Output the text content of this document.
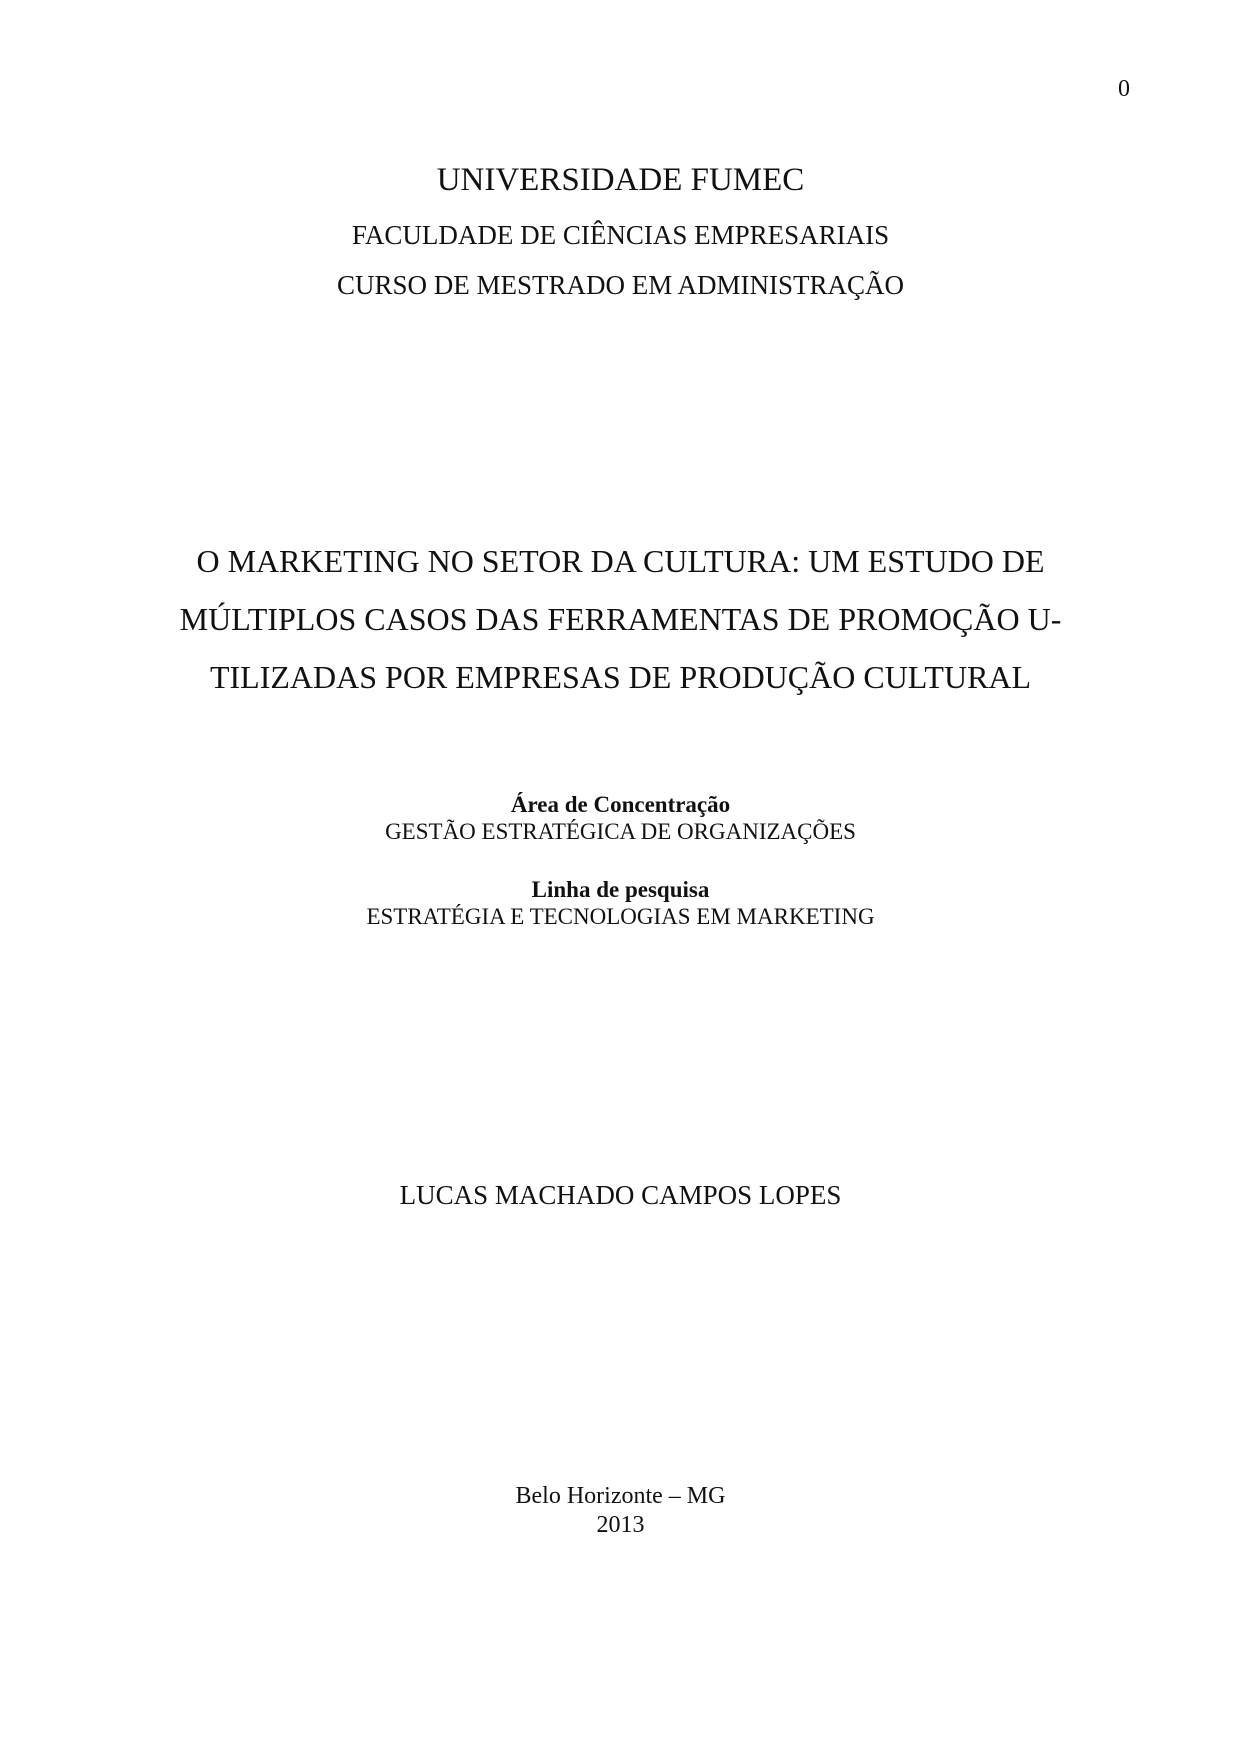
0

UNIVERSIDADE FUMEC

FACULDADE DE CIÊNCIAS EMPRESARIAIS

CURSO DE MESTRADO EM ADMINISTRAÇÃO

O MARKETING NO SETOR DA CULTURA: UM ESTUDO DE
MÚLTIPLOS CASOS DAS FERRAMENTAS DE PROMOÇÃO U-
TILIZADAS POR EMPRESAS DE PRODUÇÃO CULTURAL

Área de Concentração

GESTÃO ESTRATÉGICA DE ORGANIZAÇÕES

Linha de pesquisa

ESTRATÉGIA E TECNOLOGIAS EM MARKETING

LUCAS MACHADO CAMPOS LOPES

Belo Horizonte – MG

2013
